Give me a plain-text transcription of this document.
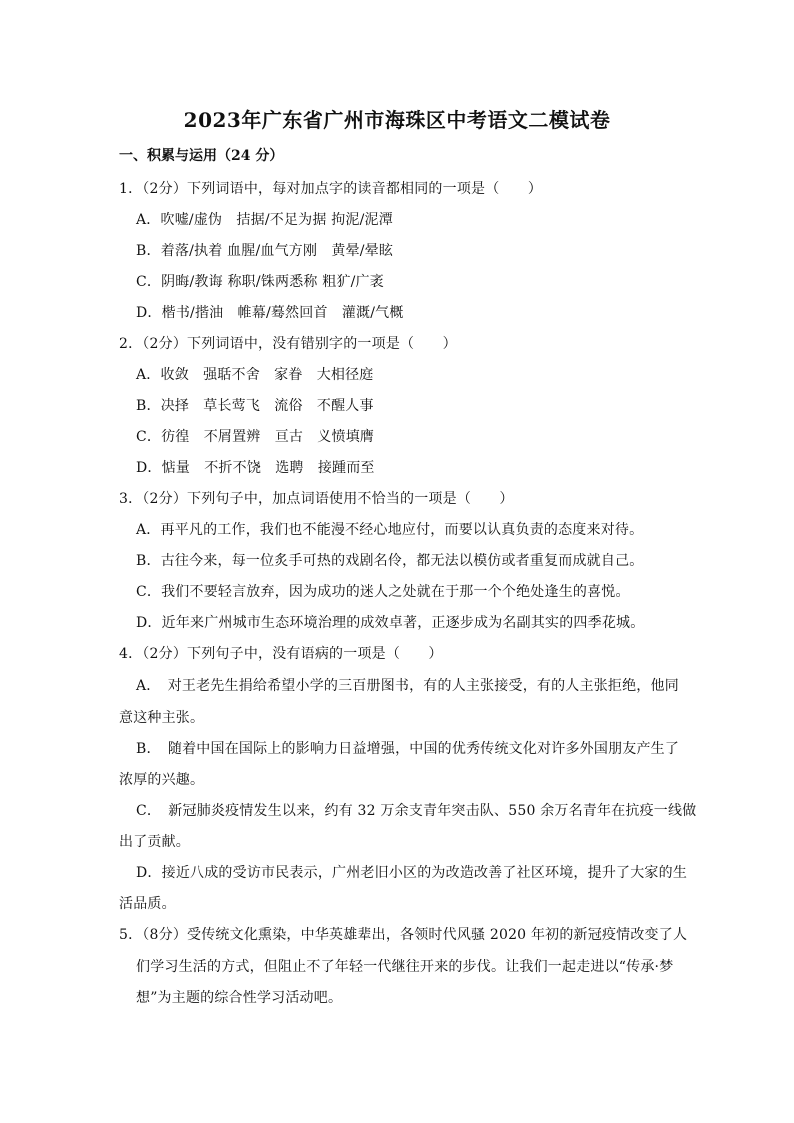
2023年广东省广州市海珠区中考语文二模试卷
一、积累与运用（24 分）
1．（2分）下列词语中，每对加点字的读音都相同的一项是（　　）
A．吹嘘/虚伪　拮据/不足为据 拘泥/泥潭
B．着落/执着 血腥/血气方刚　黄晕/晕眩
C．阴晦/教诲 称职/铢两悉称 粗犷/广袤
D．楷书/揩油　帷幕/蓦然回首　灌溉/气概
2．（2分）下列词语中，没有错别字的一项是（　　）
A．收敛　强聒不舍　家眷　大相径庭
B．决择　草长莺飞　流俗　不醒人事
C．彷徨　不屑置辨　亘古　义愤填膺
D．惦量　不折不饶　选聘　接踵而至
3．（2分）下列句子中，加点词语使用不恰当的一项是（　　）
A．再平凡的工作，我们也不能漫不经心地应付，而要以认真负责的态度来对待。
B．古往今来，每一位炙手可热的戏剧名伶，都无法以模仿或者重复而成就自己。
C．我们不要轻言放弃，因为成功的迷人之处就在于那一个个绝处逢生的喜悦。
D．近年来广州城市生态环境治理的成效卓著，正逐步成为名副其实的四季花城。
4．（2分）下列句子中，没有语病的一项是（　　）
A．　对王老先生捐给希望小学的三百册图书，有的人主张接受，有的人主张拒绝，他同
意这种主张。
B．　随着中国在国际上的影响力日益增强，中国的优秀传统文化对许多外国朋友产生了
浓厚的兴趣。
C．　新冠肺炎疫情发生以来，约有 32 万余支青年突击队、550 余万名青年在抗疫一线做
出了贡献。
D．接近八成的受访市民表示，广州老旧小区的为改造改善了社区环境，提升了大家的生
活品质。
5．（8分）受传统文化熏染，中华英雄辈出，各领时代风骚 2020 年初的新冠疫情改变了人
们学习生活的方式，但阻止不了年轻一代继往开来的步伐。让我们一起走进以“传承·梦
想”为主题的综合性学习活动吧。
